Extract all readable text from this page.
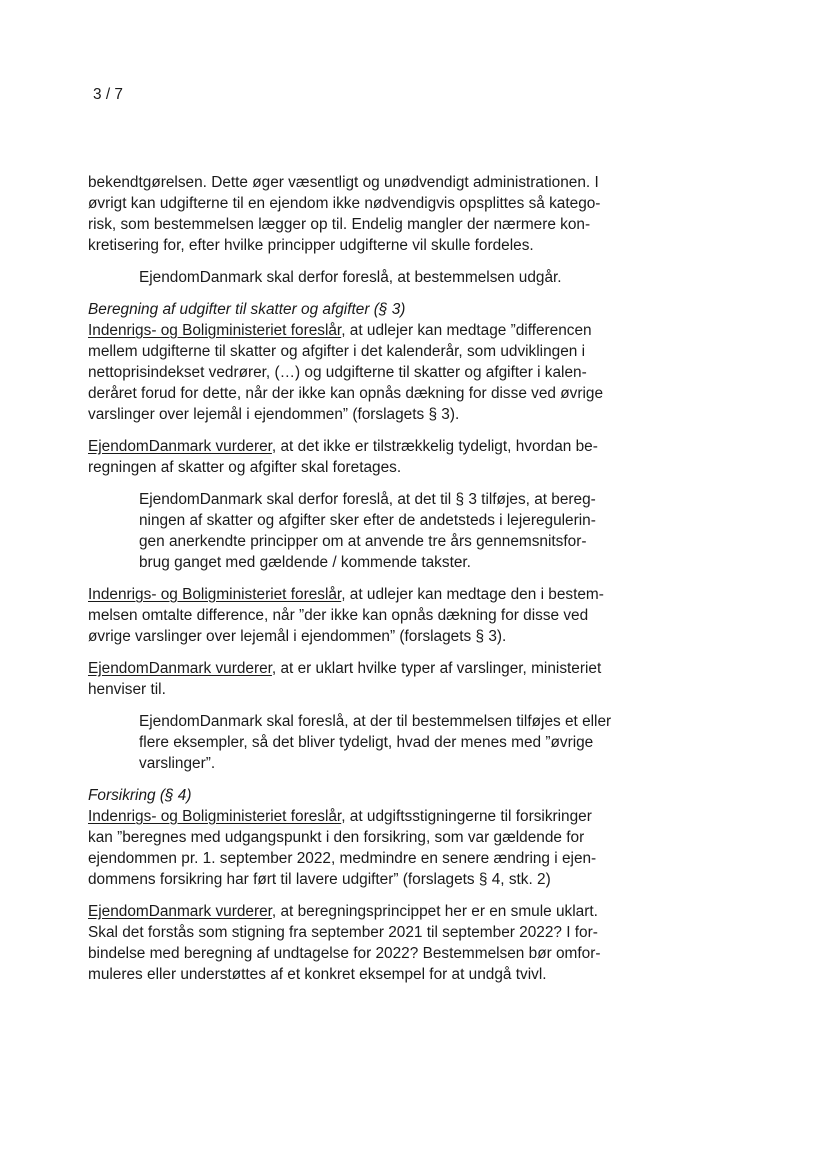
3 / 7

bekendtgørelsen. Dette øger væsentligt og unødvendigt administrationen. I
øvrigt kan udgifterne til en ejendom ikke nødvendigvis opsplittes så katego-
risk, som bestemmelsen lægger op til. Endelig mangler der nærmere kon-
kretisering for, efter hvilke principper udgifterne vil skulle fordeles.

EjendomDanmark skal derfor foreslå, at bestemmelsen udgår.

Beregning af udgifter til skatter og afgifter (§ 3)
Indenrigs- og Boligministeriet foreslår, at udlejer kan medtage ”differencen
mellem udgifterne til skatter og afgifter i det kalenderår, som udviklingen i
nettoprisindekset vedrører, (…) og udgifterne til skatter og afgifter i kalen-
deråret forud for dette, når der ikke kan opnås dækning for disse ved øvrige
varslinger over lejemål i ejendommen” (forslagets § 3).

EjendomDanmark vurderer, at det ikke er tilstrækkelig tydeligt, hvordan be-
regningen af skatter og afgifter skal foretages.

EjendomDanmark skal derfor foreslå, at det til § 3 tilføjes, at bereg-
ningen af skatter og afgifter sker efter de andetsteds i lejeregulerin-
gen anerkendte principper om at anvende tre års gennemsnitsfor-
brug ganget med gældende / kommende takster.

Indenrigs- og Boligministeriet foreslår, at udlejer kan medtage den i bestem-
melsen omtalte difference, når ”der ikke kan opnås dækning for disse ved
øvrige varslinger over lejemål i ejendommen” (forslagets § 3).

EjendomDanmark vurderer, at er uklart hvilke typer af varslinger, ministeriet
henviser til.

EjendomDanmark skal foreslå, at der til bestemmelsen tilføjes et eller
flere eksempler, så det bliver tydeligt, hvad der menes med ”øvrige
varslinger”.

Forsikring (§ 4)
Indenrigs- og Boligministeriet foreslår, at udgiftsstigningerne til forsikringer
kan ”beregnes med udgangspunkt i den forsikring, som var gældende for
ejendommen pr. 1. september 2022, medmindre en senere ændring i ejen-
dommens forsikring har ført til lavere udgifter” (forslagets § 4, stk. 2)

EjendomDanmark vurderer, at beregningsprincippet her er en smule uklart.
Skal det forstås som stigning fra september 2021 til september 2022? I for-
bindelse med beregning af undtagelse for 2022? Bestemmelsen bør omfor-
muleres eller understøttes af et konkret eksempel for at undgå tvivl.
